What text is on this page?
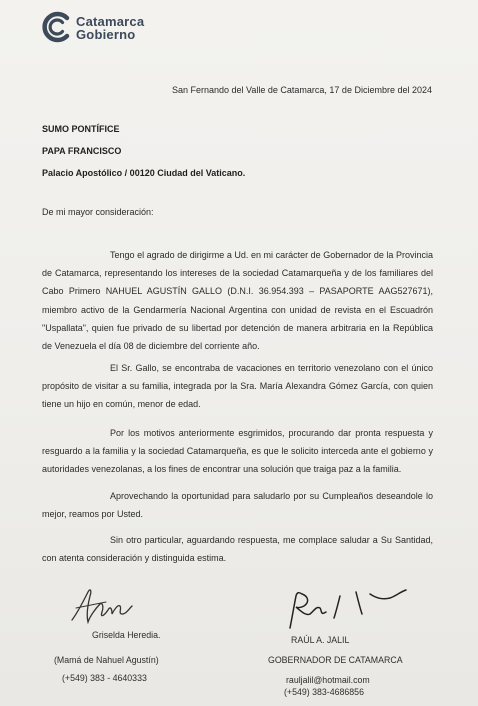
Catamarca
Gobierno
San Fernando del Valle de Catamarca, 17 de Diciembre del 2024
SUMO PONTÍFICE
PAPA FRANCISCO
Palacio Apostólico / 00120 Ciudad del Vaticano.
De mi mayor consideración:
Tengo el agrado de dirigirme a Ud. en mi carácter de Gobernador de la Provincia de Catamarca, representando los intereses de la sociedad Catamarqueña y de los familiares del Cabo Primero NAHUEL AGUSTÍN GALLO (D.N.I. 36.954.393 – PASAPORTE AAG527671), miembro activo de la Gendarmería Nacional Argentina con unidad de revista en el Escuadrón "Uspallata", quien fue privado de su libertad por detención de manera arbitraria en la República de Venezuela el día 08 de diciembre del corriente año.
El Sr. Gallo, se encontraba de vacaciones en territorio venezolano con el único propósito de visitar a su familia, integrada por la Sra. María Alexandra Gómez García, con quien tiene un hijo en común, menor de edad.
Por los motivos anteriormente esgrimidos, procurando dar pronta respuesta y resguardo a la familia y la sociedad Catamarqueña, es que le solicito interceda ante el gobierno y autoridades venezolanas, a los fines de encontrar una solución que traiga paz a la familia.
Aprovechando la oportunidad para saludarlo por su Cumpleaños deseandole lo mejor, reamos por Usted.
Sin otro particular, aguardando respuesta, me complace saludar a Su Santidad, con atenta consideración y distinguida estima.
Griselda Heredia.
(Mamá de Nahuel Agustín)
(+549) 383 - 4640333
RAÚL A. JALIL
GOBERNADOR DE CATAMARCA
rauljalil@hotmail.com
(+549) 383-4686856
